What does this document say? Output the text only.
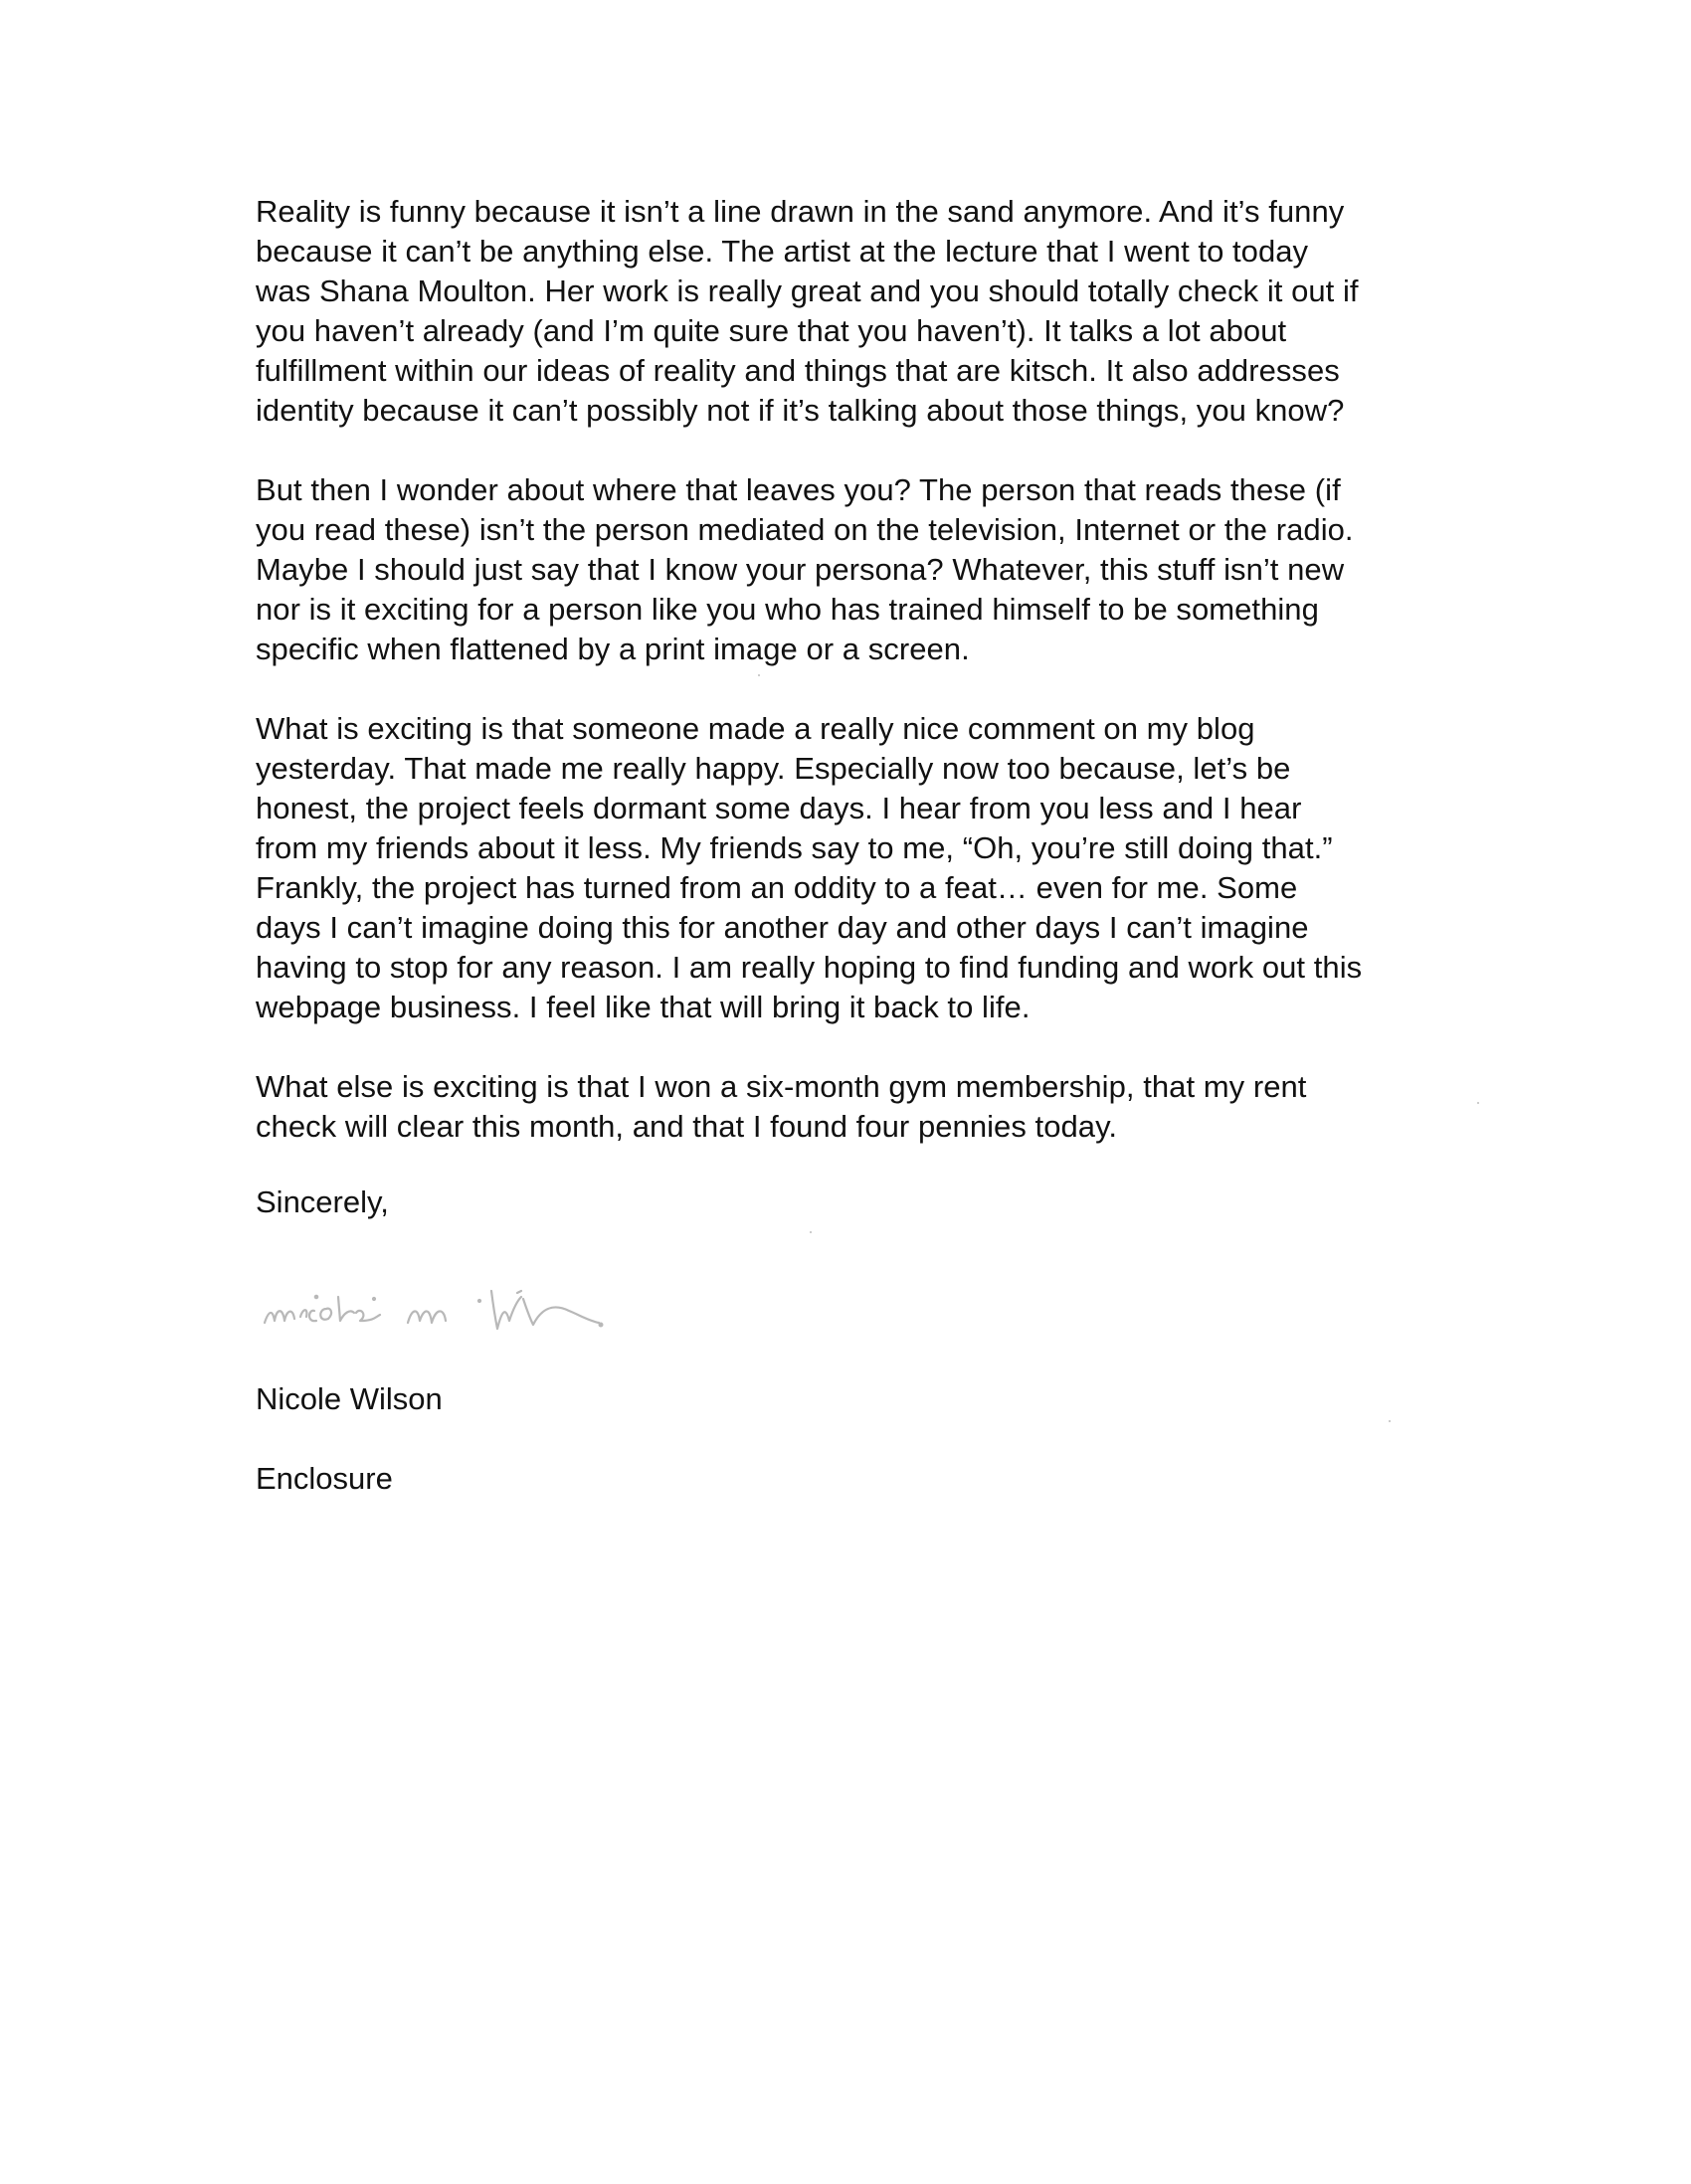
Reality is funny because it isn’t a line drawn in the sand anymore. And it’s funny
because it can’t be anything else. The artist at the lecture that I went to today
was Shana Moulton. Her work is really great and you should totally check it out if
you haven’t already (and I’m quite sure that you haven’t). It talks a lot about
fulfillment within our ideas of reality and things that are kitsch. It also addresses
identity because it can’t possibly not if it’s talking about those things, you know?

But then I wonder about where that leaves you? The person that reads these (if
you read these) isn’t the person mediated on the television, Internet or the radio.
Maybe I should just say that I know your persona? Whatever, this stuff isn’t new
nor is it exciting for a person like you who has trained himself to be something
specific when flattened by a print image or a screen.

What is exciting is that someone made a really nice comment on my blog
yesterday. That made me really happy. Especially now too because, let’s be
honest, the project feels dormant some days. I hear from you less and I hear
from my friends about it less. My friends say to me, “Oh, you’re still doing that.”
Frankly, the project has turned from an oddity to a feat… even for me. Some
days I can’t imagine doing this for another day and other days I can’t imagine
having to stop for any reason. I am really hoping to find funding and work out this
webpage business. I feel like that will bring it back to life.

What else is exciting is that I won a six-month gym membership, that my rent
check will clear this month, and that I found four pennies today.

Sincerely,
Nicole Wilson
Enclosure
